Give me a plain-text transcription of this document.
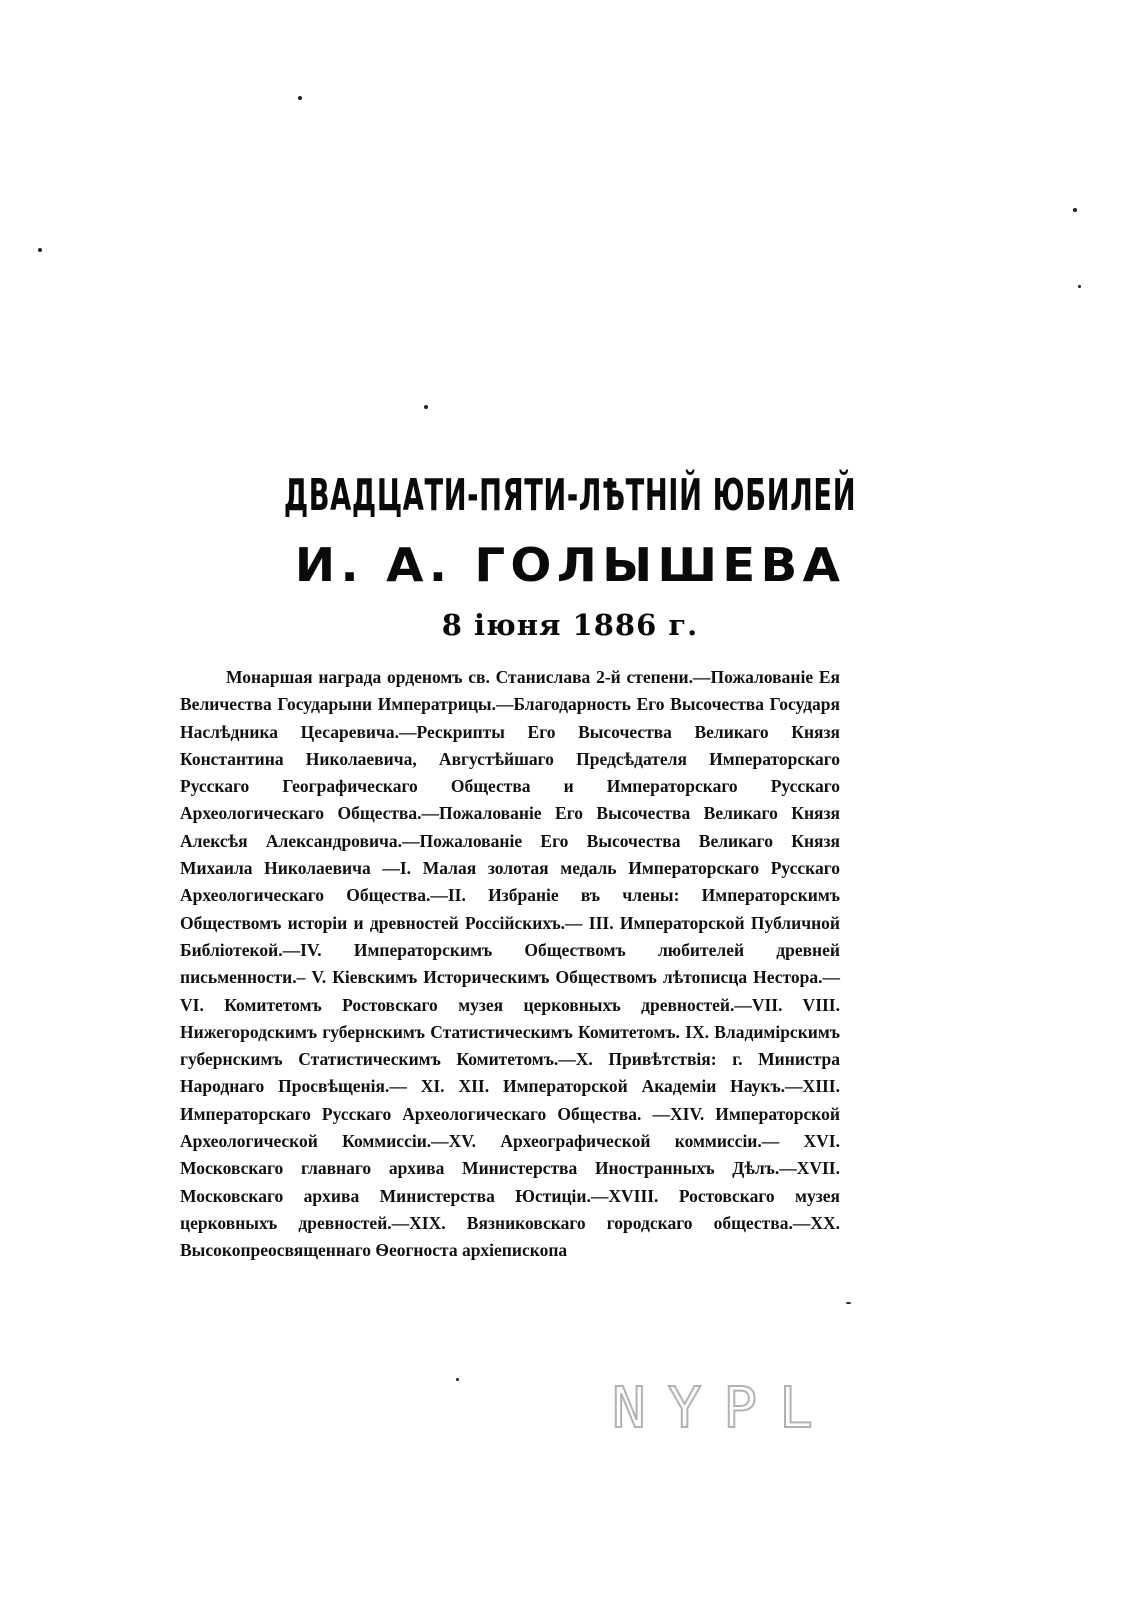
ДВАДЦАТИ-ПЯТИ-ЛѢТНІЙ ЮБИЛЕЙ
И. А. ГОЛЫШЕВА
8 іюня 1886 г.

Монаршая награда орденомъ св. Станислава 2-й степени.—Пожалованіе Ея Величества Государыни Императрицы.—Благодарность Его Высочества Государя Наслѣдника Цесаревича.—Рескрипты Его Высочества Великаго Князя Константина Николаевича, Августѣйшаго Предсѣдателя Императорскаго Русскаго Географическаго Общества и Императорскаго Русскаго Археологическаго Общества.—Пожалованіе Его Высочества Великаго Князя Алексѣя Александровича.—Пожалованіе Его Высочества Великаго Князя Михаила Николаевича —I. Малая золотая медаль Императорскаго Русскаго Археологическаго Общества.—II. Избраніе въ члены: Императорскимъ Обществомъ исторіи и древностей Россійскихъ.— III. Императорской Публичной Библіотекой.—IV. Императорскимъ Обществомъ любителей древней письменности.– V. Кіевскимъ Историческимъ Обществомъ лѣтописца Нестора.—VI. Комитетомъ Ростовскаго музея церковныхъ древностей.—VII. VIII. Нижегородскимъ губернскимъ Статистическимъ Комитетомъ. IX. Владимірскимъ губернскимъ Статистическимъ Комитетомъ.—X. Привѣтствія: г. Министра Народнаго Просвѣщенія.— XI. XII. Императорской Академіи Наукъ.—XIII. Императорскаго Русскаго Археологическаго Общества. —XIV. Императорской Археологической Коммиссіи.—XV. Археографической коммиссіи.— XVI. Московскаго главнаго архива Министерства Иностранныхъ Дѣлъ.—XVII. Московскаго архива Министерства Юстиціи.—XVIII. Ростовскаго музея церковныхъ древностей.—XIX. Вязниковскаго городскаго общества.—XX. Высокопреосвященнаго Ѳеогноста архіепископа

NYPL
